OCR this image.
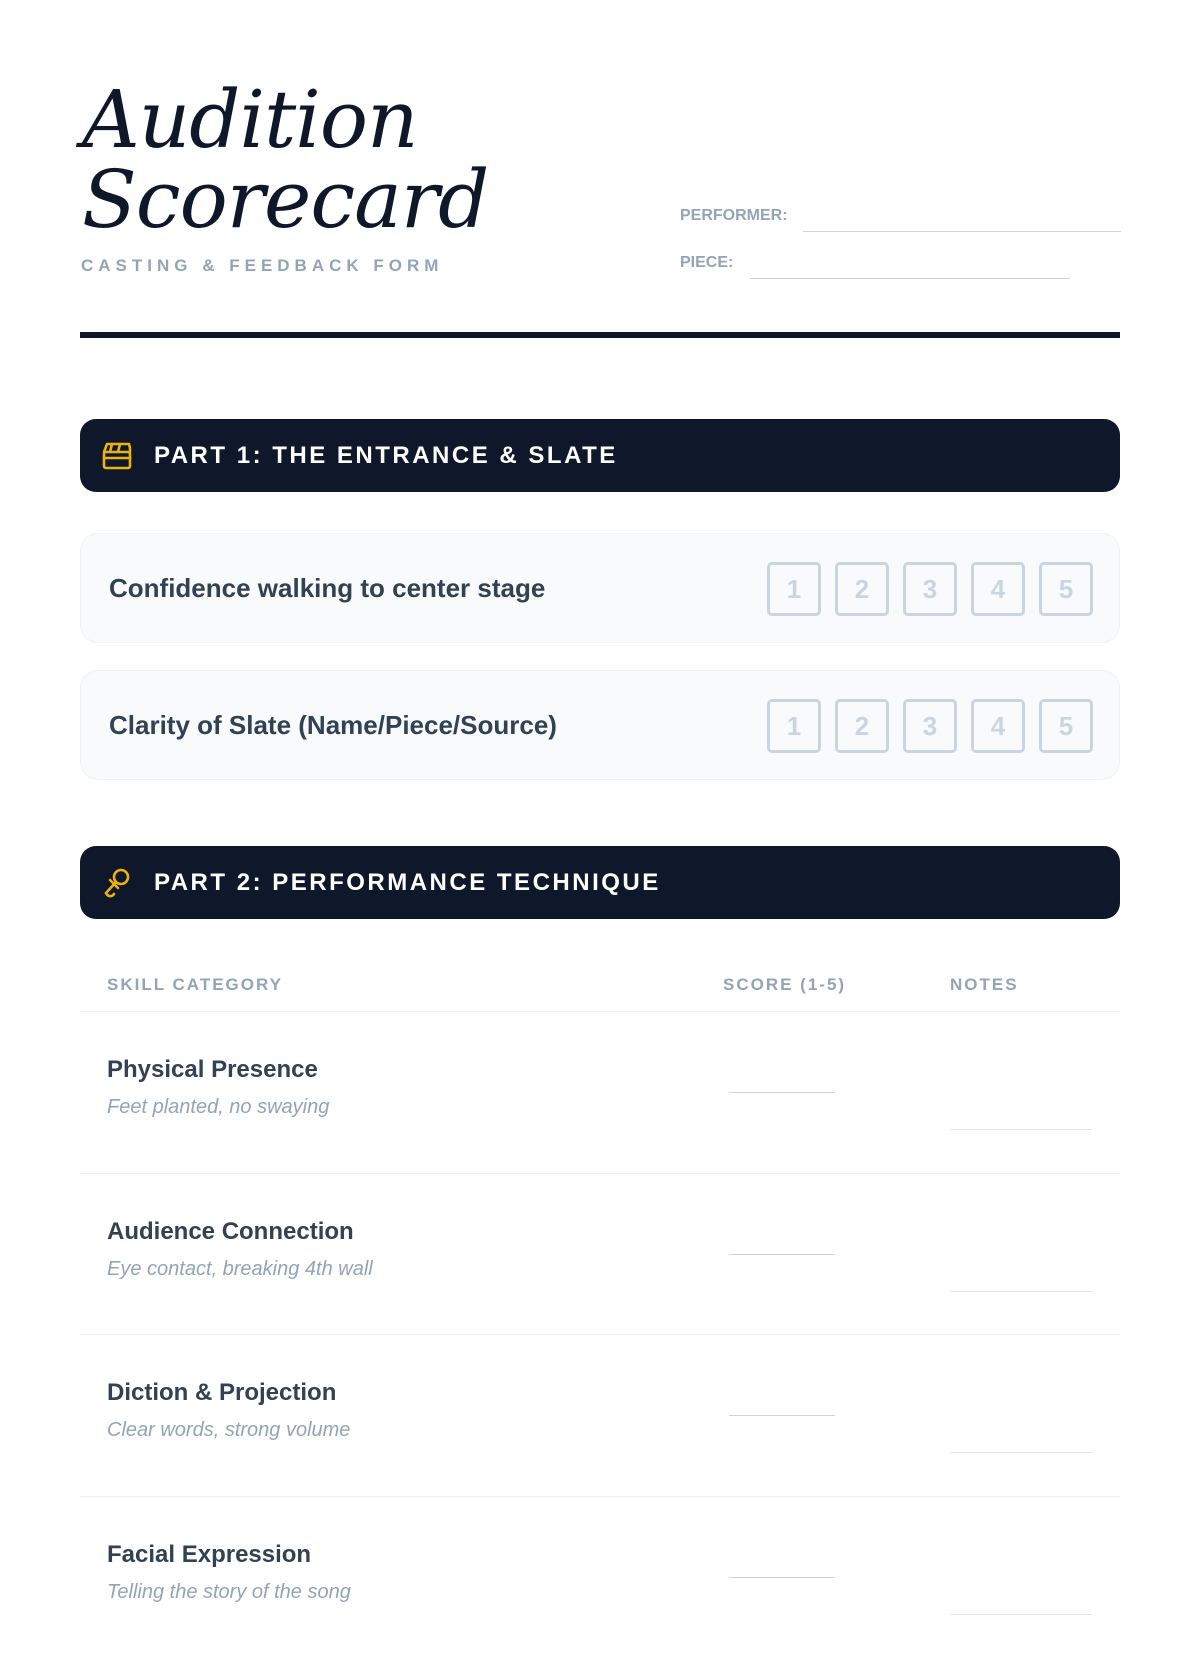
Audition
Scorecard
CASTING & FEEDBACK FORM
PERFORMER:
PIECE:
PART 1: THE ENTRANCE & SLATE
Confidence walking to center stage	1	2	3	4	5
Clarity of Slate (Name/Piece/Source)	1	2	3	4	5
PART 2: PERFORMANCE TECHNIQUE
SKILL CATEGORY	SCORE (1-5)	NOTES
Physical Presence
Feet planted, no swaying
Audience Connection
Eye contact, breaking 4th wall
Diction & Projection
Clear words, strong volume
Facial Expression
Telling the story of the song
